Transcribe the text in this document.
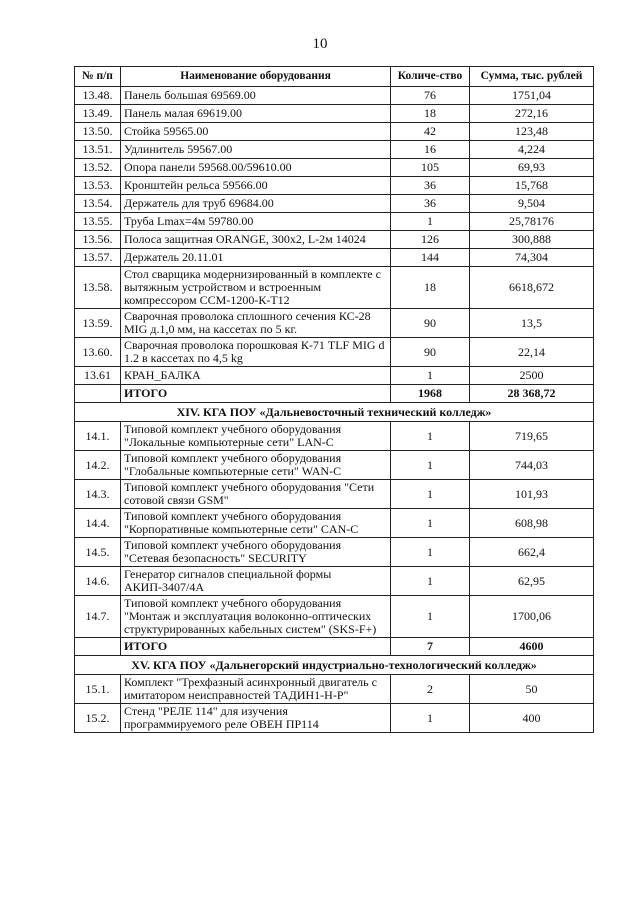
10
№ п/п	Наименование оборудования	Количе-ство	Сумма, тыс. рублей
13.48.	Панель большая 69569.00	76	1751,04
13.49.	Панель малая 69619.00	18	272,16
13.50.	Стойка 59565.00	42	123,48
13.51.	Удлинитель 59567.00	16	4,224
13.52.	Опора панели 59568.00/59610.00	105	69,93
13.53.	Кронштейн рельса 59566.00	36	15,768
13.54.	Держатель для труб 69684.00	36	9,504
13.55.	Труба Lmax=4м 59780.00	1	25,78176
13.56.	Полоса защитная ORANGE, 300x2, L-2м 14024	126	300,888
13.57.	Держатель 20.11.01	144	74,304
13.58.	Стол сварщика модернизированный в комплекте с вытяжным устройством и встроенным компрессором ССМ-1200-К-Т12	18	6618,672
13.59.	Сварочная проволока сплошного сечения КС-28 MIG д.1,0 мм, на кассетах по 5 кг.	90	13,5
13.60.	Сварочная проволока порошковая К-71 TLF MIG d 1.2 в кассетах по 4,5 kg	90	22,14
13.61	КРАН_БАЛКА	1	2500
	ИТОГО	1968	28 368,72
XIV. КГА ПОУ «Дальневосточный технический колледж»			
14.1.	Типовой комплект учебного оборудования "Локальные компьютерные сети" LAN-C	1	719,65
14.2.	Типовой комплект учебного оборудования "Глобальные компьютерные сети" WAN-C	1	744,03
14.3.	Типовой комплект учебного оборудования "Сети сотовой связи GSM"	1	101,93
14.4.	Типовой комплект учебного оборудования "Корпоративные компьютерные сети" CAN-C	1	608,98
14.5.	Типовой комплект учебного оборудования "Сетевая безопасность" SECURITY	1	662,4
14.6.	Генератор сигналов специальной формы АКИП-3407/4А	1	62,95
14.7.	Типовой комплект учебного оборудования "Монтаж и эксплуатация волоконно-оптических структурированных кабельных систем" (SKS-F+)	1	1700,06
	ИТОГО	7	4600
XV. КГА ПОУ «Дальнегорский индустриально-технологический колледж»			
15.1.	Комплект "Трехфазный асинхронный двигатель с имитатором неисправностей ТАДИН1-Н-Р"	2	50
15.2.	Стенд "РЕЛЕ 114" для изучения программируемого реле ОВЕН ПР114	1	400
